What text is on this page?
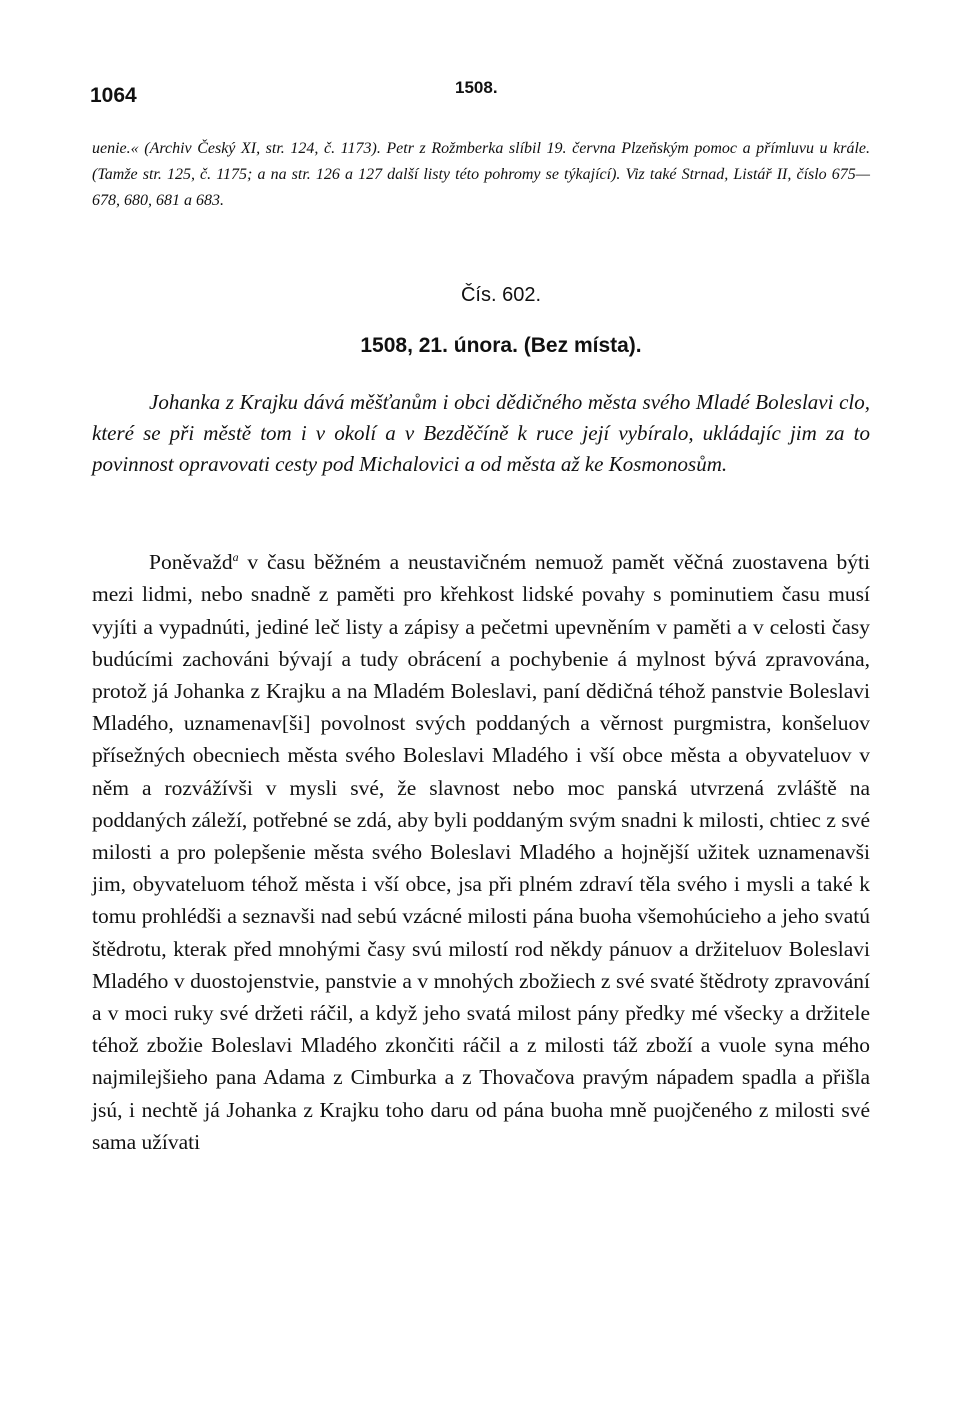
1064	1508.

uenie.« (Archiv Český XI, str. 124, č. 1173). Petr z Rožmberka slíbil 19. června Plzeňským pomoc a přímluvu u krále. (Tamže str. 125, č. 1175; a na str. 126 a 127 další listy této pohromy se týkající). Viz také Strnad, Listář II, číslo 675—678, 680, 681 a 683.

Čís. 602.
1508, 21. února. (Bez místa).

Johanka z Krajku dává měšťanům i obci dědičného města svého Mladé Boleslavi clo, které se při městě tom i v okolí a v Bezděčíně k ruce její vybíralo, ukládajíc jim za to povinnost opravovati cesty pod Michalovici a od města až ke Kosmonosům.

Poněvažd$^a$ v času běžném a neustavičném nemuož pamět věčná zuostavena býti mezi lidmi, nebo snadně z paměti pro křehkost lidské povahy s pominutiem času musí vyjíti a vypadnúti, jediné leč listy a zápisy a pečetmi upevněním v paměti a v celosti časy budúcími zachováni bývají a tudy obrácení a pochybenie á mylnost bývá zpravována, protož já Johanka z Krajku a na Mladém Boleslavi, paní dědičná téhož panstvie Boleslavi Mladého, uznamenav[ši] povolnost svých poddaných a věrnost purgmistra, konšeluov přísežných obecniech města svého Boleslavi Mladého i vší obce města a obyvateluov v něm a rozvážívši v mysli své, že slavnost nebo moc panská utvrzená zvláště na poddaných záleží, potřebné se zdá, aby byli poddaným svým snadni k milosti, chtiec z své milosti a pro polepšenie města svého Boleslavi Mladého a hojnější užitek uznamenavši jim, obyvateluom téhož města i vší obce, jsa při plném zdraví těla svého i mysli a také k tomu prohlédši a seznavši nad sebú vzácné milosti pána buoha všemohúcieho a jeho svatú štědrotu, kterak před mnohými časy svú milostí rod někdy pánuov a držiteluov Boleslavi Mladého v duostojenstvie, panstvie a v mnohých zbožiech z své svaté štědroty zpravování a v moci ruky své držeti ráčil, a když jeho svatá milost pány předky mé všecky a držitele téhož zbožie Boleslavi Mladého zkončiti ráčil a z milosti táž zboží a vuole syna mého najmilejšieho pana Adama z Cimburka a z Thovačova pravým nápadem spadla a přišla jsú, i nechtě já Johanka z Krajku toho daru od pána buoha mně puojčeného z milosti své sama užívati
